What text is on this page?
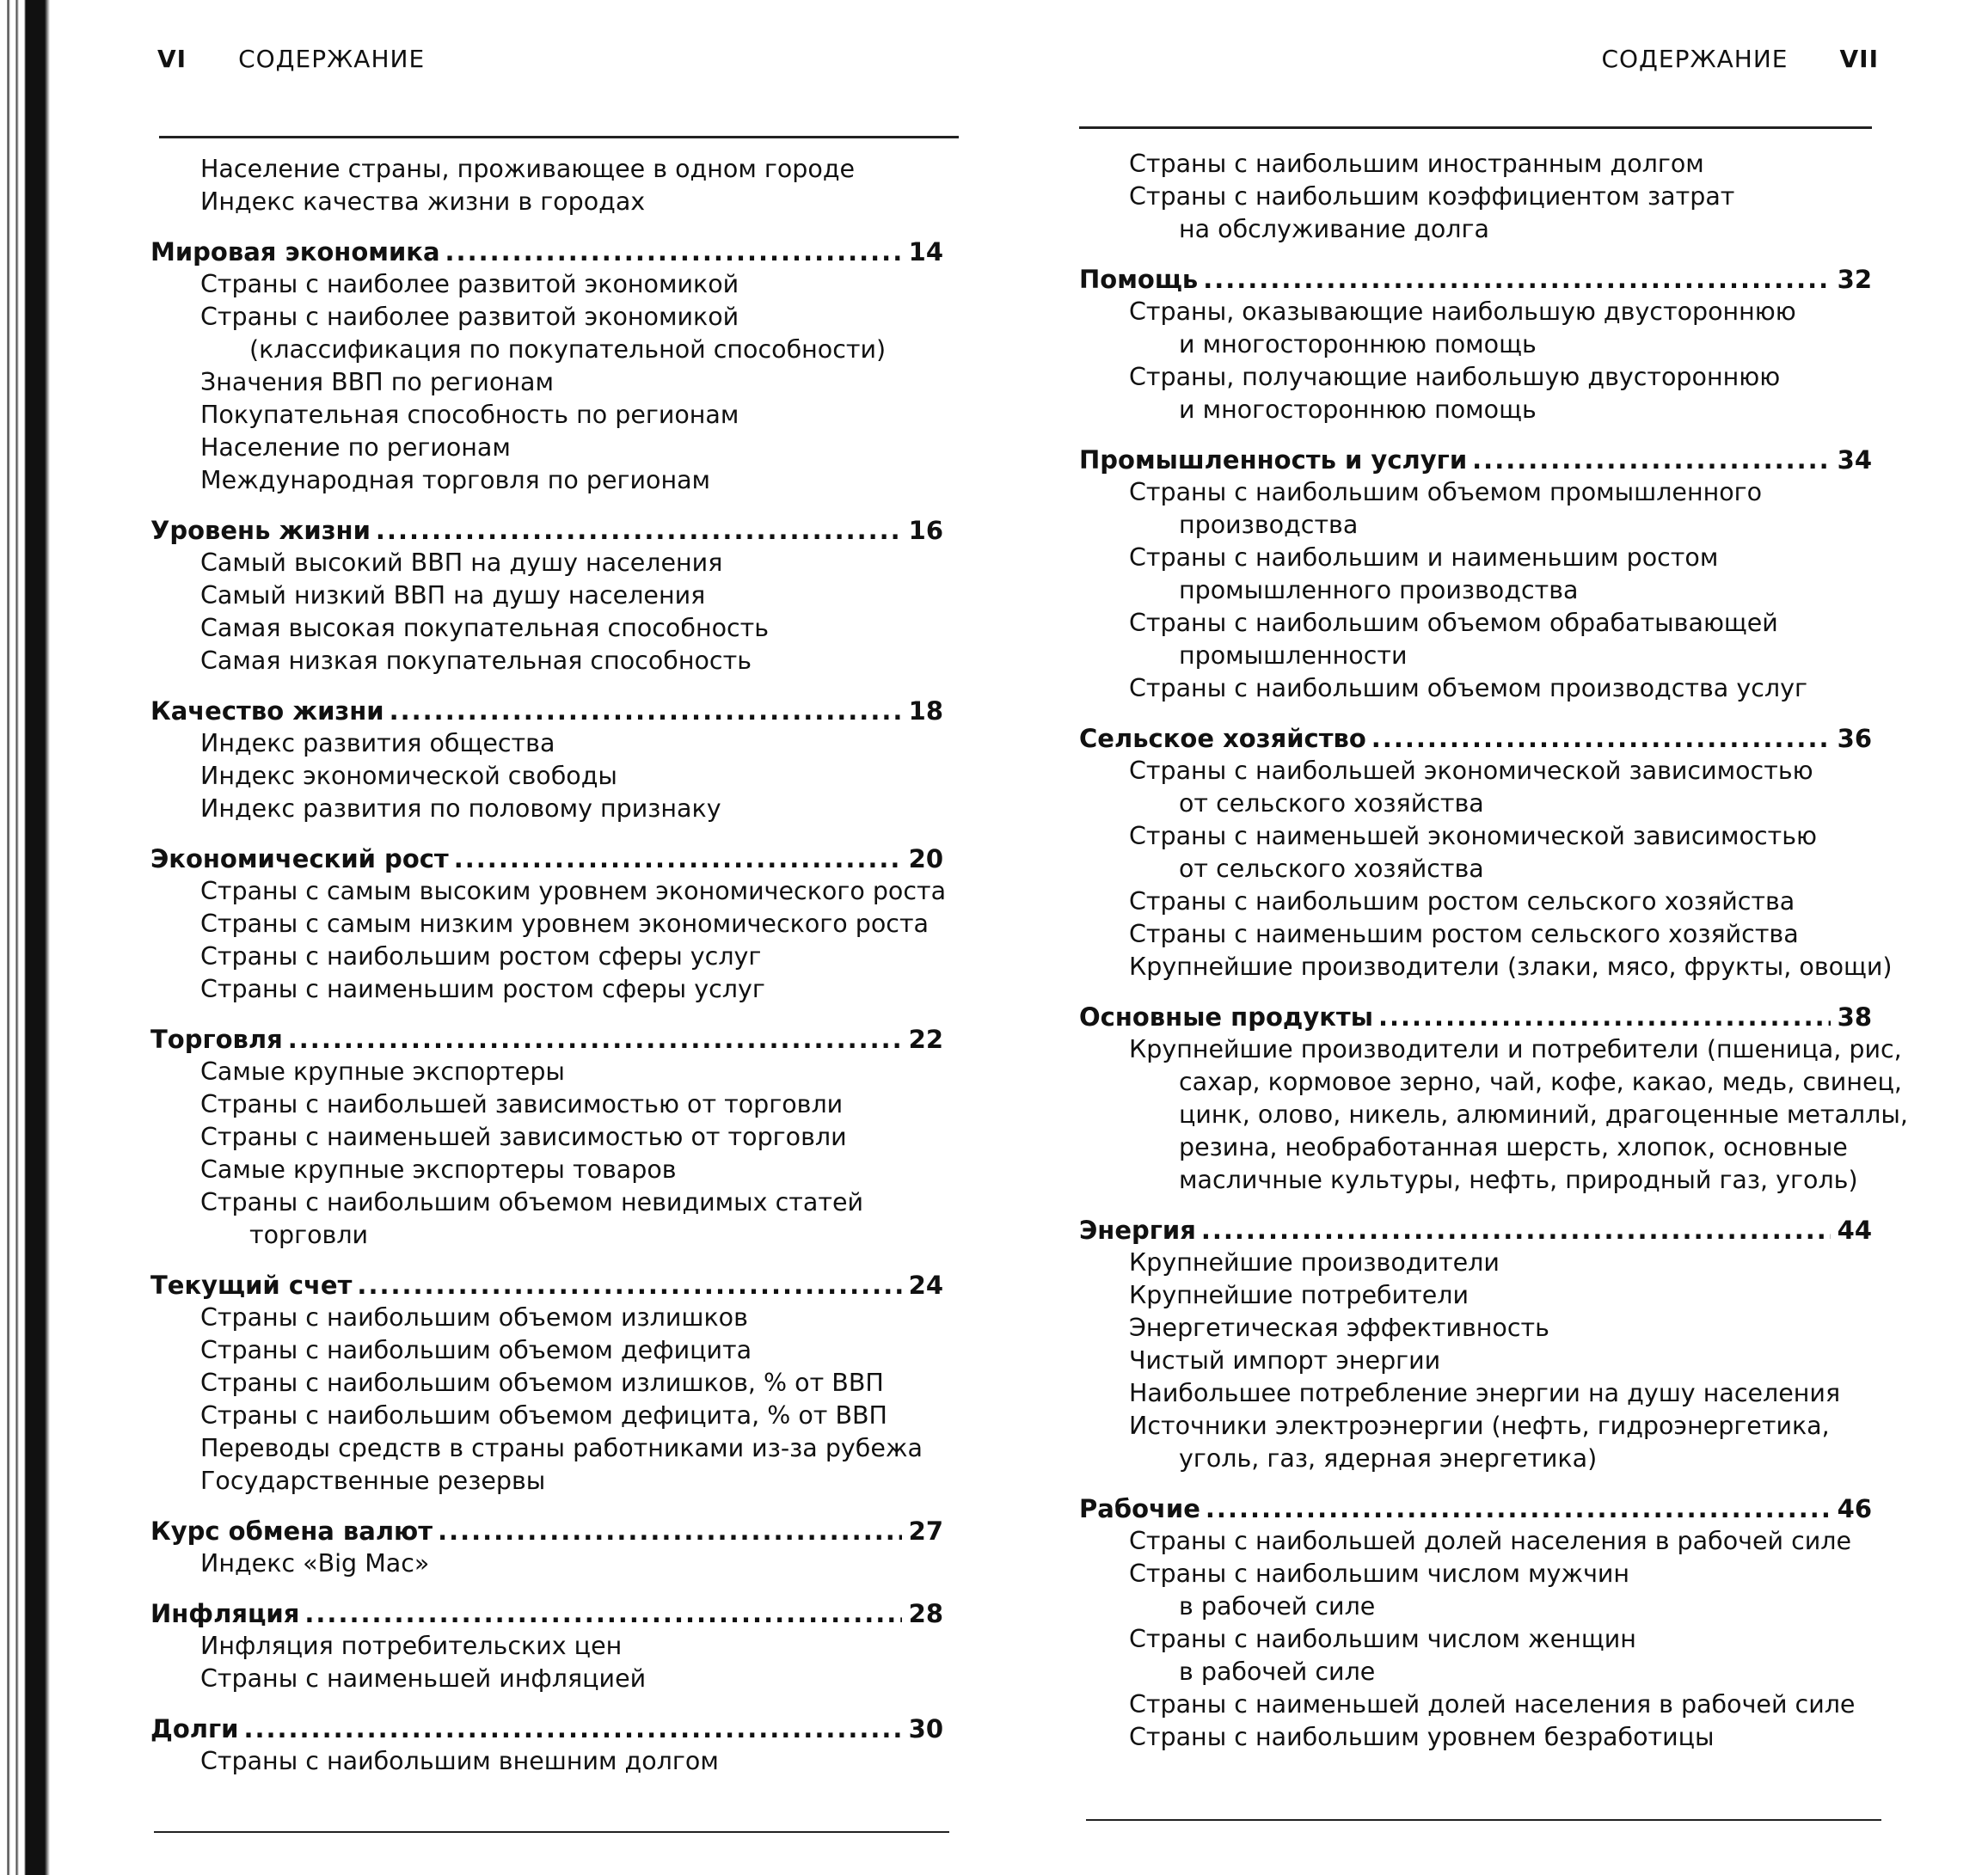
VI СОДЕРЖАНИЕ
Население страны, проживающее в одном городе
Индекс качества жизни в городах
Мировая экономика .....	14
Страны с наиболее развитой экономикой
Страны с наиболее развитой экономикой
(классификация по покупательной способности)
Значения ВВП по регионам
Покупательная способность по регионам
Население по регионам
Международная торговля по регионам
Уровень жизни .....	16
Самый высокий ВВП на душу населения
Самый низкий ВВП на душу населения
Самая высокая покупательная способность
Самая низкая покупательная способность
Качество жизни .....	18
Индекс развития общества
Индекс экономической свободы
Индекс развития по половому признаку
Экономический рост .....	20
Страны с самым высоким уровнем экономического роста
Страны с самым низким уровнем экономического роста
Страны с наибольшим ростом сферы услуг
Страны с наименьшим ростом сферы услуг
Торговля .....	22
Самые крупные экспортеры
Страны с наибольшей зависимостью от торговли
Страны с наименьшей зависимостью от торговли
Самые крупные экспортеры товаров
Страны с наибольшим объемом невидимых статей
торговли
Текущий счет .....	24
Страны с наибольшим объемом излишков
Страны с наибольшим объемом дефицита
Страны с наибольшим объемом излишков, % от ВВП
Страны с наибольшим объемом дефицита, % от ВВП
Переводы средств в страны работниками из-за рубежа
Государственные резервы
Курс обмена валют .....	27
Индекс «Big Mac»
Инфляция .....	28
Инфляция потребительских цен
Страны с наименьшей инфляцией
Долги .....	30
Страны с наибольшим внешним долгом
СОДЕРЖАНИЕ VII
Страны с наибольшим иностранным долгом
Страны с наибольшим коэффициентом затрат
на обслуживание долга
Помощь .....	32
Страны, оказывающие наибольшую двустороннюю
и многостороннюю помощь
Страны, получающие наибольшую двустороннюю
и многостороннюю помощь
Промышленность и услуги .....	34
Страны с наибольшим объемом промышленного
производства
Страны с наибольшим и наименьшим ростом
промышленного производства
Страны с наибольшим объемом обрабатывающей
промышленности
Страны с наибольшим объемом производства услуг
Сельское хозяйство .....	36
Страны с наибольшей экономической зависимостью
от сельского хозяйства
Страны с наименьшей экономической зависимостью
от сельского хозяйства
Страны с наибольшим ростом сельского хозяйства
Страны с наименьшим ростом сельского хозяйства
Крупнейшие производители (злаки, мясо, фрукты, овощи)
Основные продукты .....	38
Крупнейшие производители и потребители (пшеница, рис,
сахар, кормовое зерно, чай, кофе, какао, медь, свинец,
цинк, олово, никель, алюминий, драгоценные металлы,
резина, необработанная шерсть, хлопок, основные
масличные культуры, нефть, природный газ, уголь)
Энергия .....	44
Крупнейшие производители
Крупнейшие потребители
Энергетическая эффективность
Чистый импорт энергии
Наибольшее потребление энергии на душу населения
Источники электроэнергии (нефть, гидроэнергетика,
уголь, газ, ядерная энергетика)
Рабочие .....	46
Страны с наибольшей долей населения в рабочей силе
Страны с наибольшим числом мужчин
в рабочей силе
Страны с наибольшим числом женщин
в рабочей силе
Страны с наименьшей долей населения в рабочей силе
Страны с наибольшим уровнем безработицы
